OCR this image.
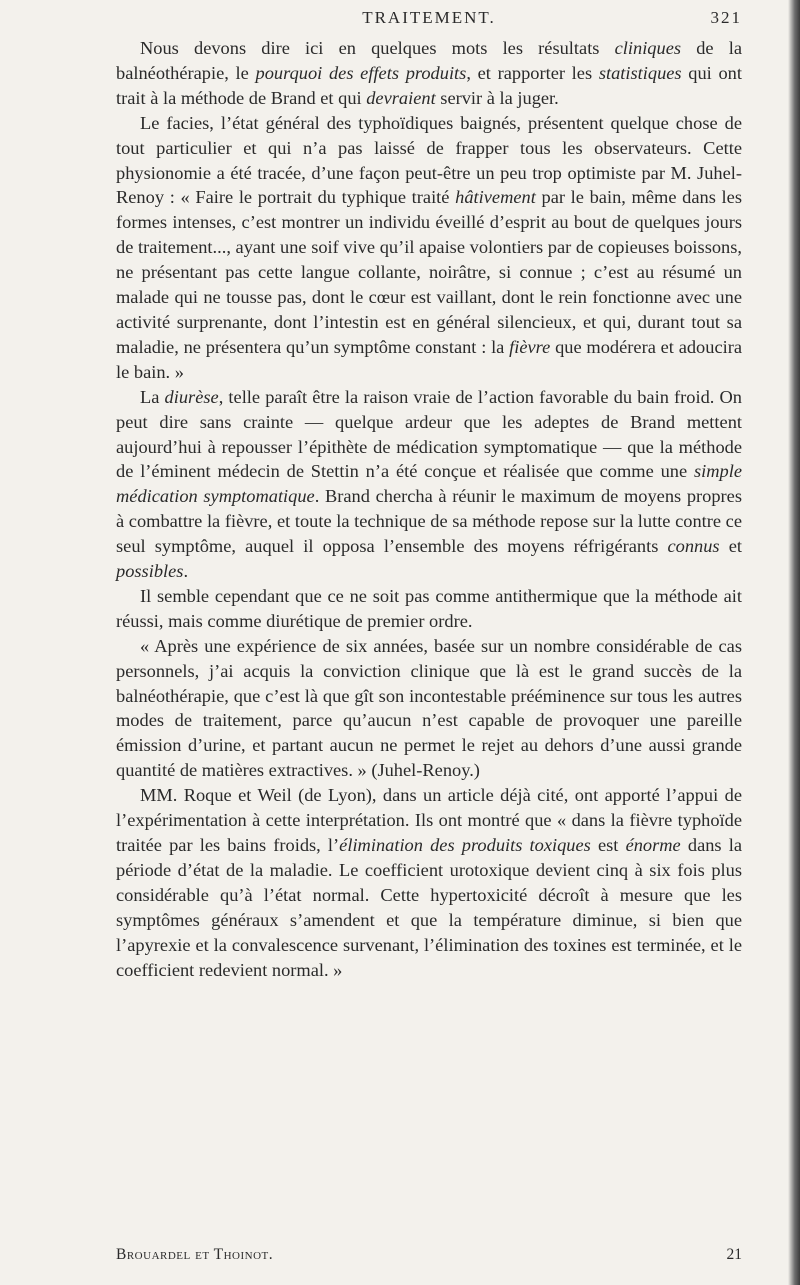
TRAITEMENT.	321

Nous devons dire ici en quelques mots les résultats cliniques de la balnéothérapie, le pourquoi des effets produits, et rapporter les statistiques qui ont trait à la méthode de Brand et qui devraient servir à la juger.

Le facies, l’état général des typhoïdiques baignés, présentent quelque chose de tout particulier et qui n’a pas laissé de frapper tous les observateurs. Cette physionomie a été tracée, d’une façon peut-être un peu trop optimiste par M. Juhel-Renoy : « Faire le portrait du typhique traité hâtivement par le bain, même dans les formes intenses, c’est montrer un individu éveillé d’esprit au bout de quelques jours de traitement..., ayant une soif vive qu’il apaise volontiers par de copieuses boissons, ne présentant pas cette langue collante, noirâtre, si connue ; c’est au résumé un malade qui ne tousse pas, dont le cœur est vaillant, dont le rein fonctionne avec une activité surprenante, dont l’intestin est en général silencieux, et qui, durant tout sa maladie, ne présentera qu’un symptôme constant : la fièvre que modérera et adoucira le bain. »

La diurèse, telle paraît être la raison vraie de l’action favorable du bain froid. On peut dire sans crainte — quelque ardeur que les adeptes de Brand mettent aujourd’hui à repousser l’épithète de médication symptomatique — que la méthode de l’éminent médecin de Stettin n’a été conçue et réalisée que comme une simple médication symptomatique. Brand chercha à réunir le maximum de moyens propres à combattre la fièvre, et toute la technique de sa méthode repose sur la lutte contre ce seul symptôme, auquel il opposa l’ensemble des moyens réfrigérants connus et possibles.

Il semble cependant que ce ne soit pas comme antithermique que la méthode ait réussi, mais comme diurétique de premier ordre.

« Après une expérience de six années, basée sur un nombre considérable de cas personnels, j’ai acquis la conviction clinique que là est le grand succès de la balnéothérapie, que c’est là que gît son incontestable prééminence sur tous les autres modes de traitement, parce qu’aucun n’est capable de provoquer une pareille émission d’urine, et partant aucun ne permet le rejet au dehors d’une aussi grande quantité de matières extractives. » (Juhel-Renoy.)

MM. Roque et Weil (de Lyon), dans un article déjà cité, ont apporté l’appui de l’expérimentation à cette interprétation. Ils ont montré que « dans la fièvre typhoïde traitée par les bains froids, l’élimination des produits toxiques est énorme dans la période d’état de la maladie. Le coefficient urotoxique devient cinq à six fois plus considérable qu’à l’état normal. Cette hypertoxicité décroît à mesure que les symptômes généraux s’amendent et que la température diminue, si bien que l’apyrexie et la convalescence survenant, l’élimination des toxines est terminée, et le coefficient redevient normal. »

Brouardel et Thoinot.	21
